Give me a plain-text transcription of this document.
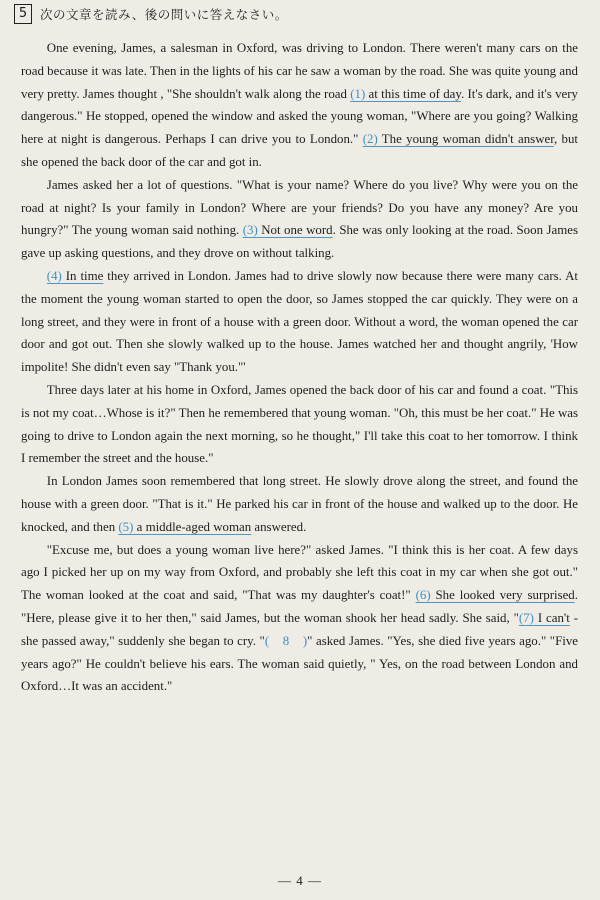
5	次の文章を読み、後の問いに答えなさい。

One evening, James, a salesman in Oxford, was driving to London. There weren't many cars on the road because it was late. Then in the lights of his car he saw a woman by the road. She was quite young and very pretty. James thought , "She shouldn't walk along the road (1) at this time of day. It's dark, and it's very dangerous." He stopped, opened the window and asked the young woman, "Where are you going? Walking here at night is dangerous. Perhaps I can drive you to London." (2) The young woman didn't answer, but she opened the back door of the car and got in.

James asked her a lot of questions. "What is your name? Where do you live? Why were you on the road at night? Is your family in London? Where are your friends? Do you have any money? Are you hungry?" The young woman said nothing. (3) Not one word. She was only looking at the road. Soon James gave up asking questions, and they drove on without talking.

(4) In time they arrived in London. James had to drive slowly now because there were many cars. At the moment the young woman started to open the door, so James stopped the car quickly. They were on a long street, and they were in front of a house with a green door. Without a word, the woman opened the car door and got out. Then she slowly walked up to the house. James watched her and thought angrily, 'How impolite! She didn't even say "Thank you."'

Three days later at his home in Oxford, James opened the back door of his car and found a coat. "This is not my coat…Whose is it?" Then he remembered that young woman. "Oh, this must be her coat." He was going to drive to London again the next morning, so he thought," I'll take this coat to her tomorrow. I think I remember the street and the house."

In London James soon remembered that long street. He slowly drove along the street, and found the house with a green door. "That is it." He parked his car in front of the house and walked up to the door. He knocked, and then (5) a middle-aged woman answered.

"Excuse me, but does a young woman live here?" asked James. "I think this is her coat. A few days ago I picked her up on my way from Oxford, and probably she left this coat in my car when she got out." The woman looked at the coat and said, "That was my daughter's coat!" (6) She looked very surprised. "Here, please give it to her then," said James, but the woman shook her head sadly. She said, "(7) I can't - she passed away," suddenly she began to cry. "(　8　)" asked James. "Yes, she died five years ago." "Five years ago?" He couldn't believe his ears. The woman said quietly, " Yes, on the road between London and Oxford…It was an accident."

— 4 —
